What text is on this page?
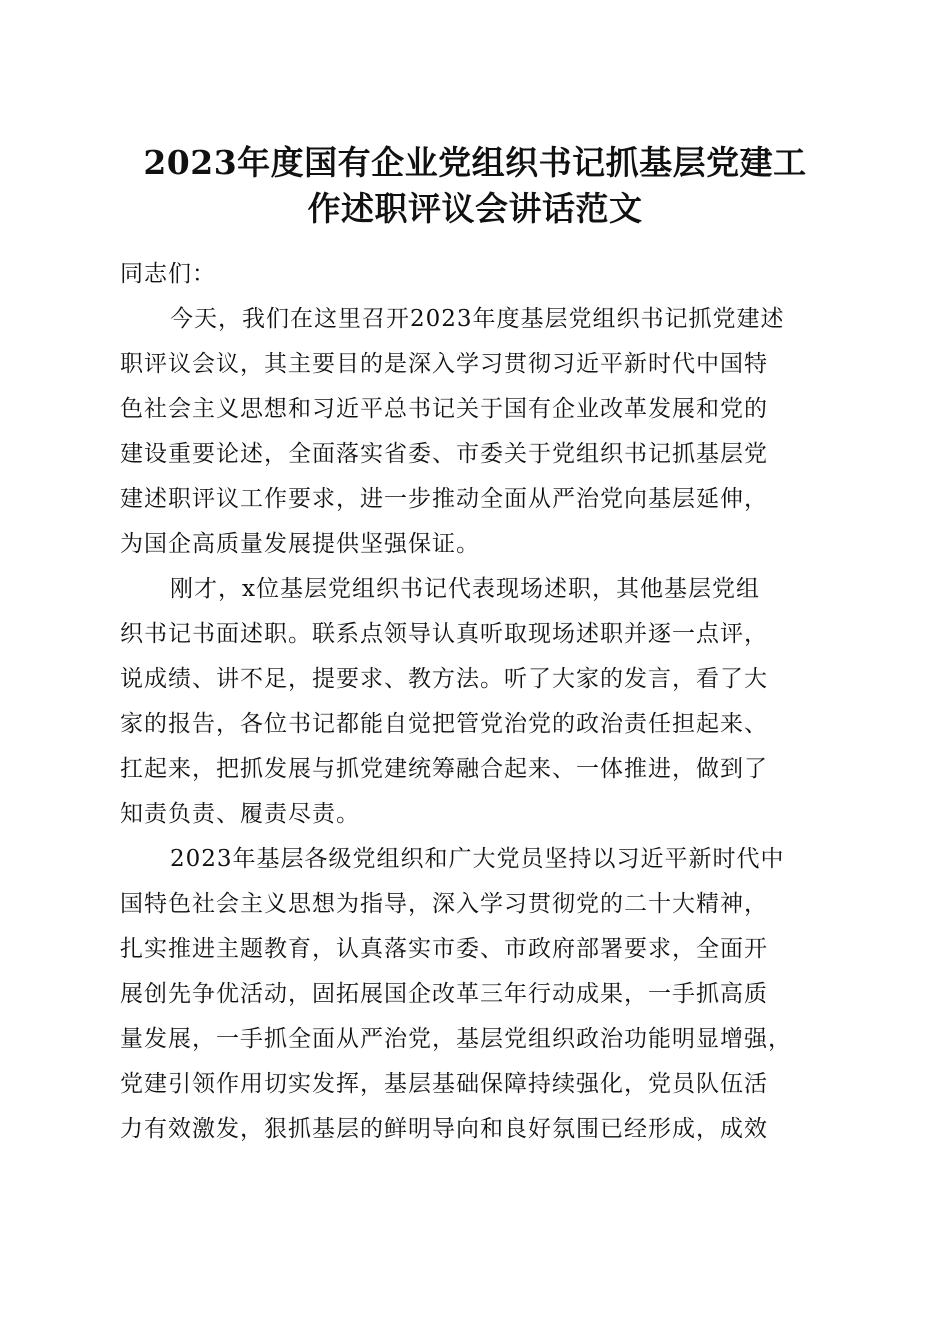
2023年度国有企业党组织书记抓基层党建工
作述职评议会讲话范文
同志们：
今天，我们在这里召开2023年度基层党组织书记抓党建述
职评议会议，其主要目的是深入学习贯彻习近平新时代中国特
色社会主义思想和习近平总书记关于国有企业改革发展和党的
建设重要论述，全面落实省委、市委关于党组织书记抓基层党
建述职评议工作要求，进一步推动全面从严治党向基层延伸，
为国企高质量发展提供坚强保证。
刚才，x位基层党组织书记代表现场述职，其他基层党组
织书记书面述职。联系点领导认真听取现场述职并逐一点评，
说成绩、讲不足，提要求、教方法。听了大家的发言，看了大
家的报告，各位书记都能自觉把管党治党的政治责任担起来、
扛起来，把抓发展与抓党建统筹融合起来、一体推进，做到了
知责负责、履责尽责。
2023年基层各级党组织和广大党员坚持以习近平新时代中
国特色社会主义思想为指导，深入学习贯彻党的二十大精神，
扎实推进主题教育，认真落实市委、市政府部署要求，全面开
展创先争优活动，固拓展国企改革三年行动成果，一手抓高质
量发展，一手抓全面从严治党，基层党组织政治功能明显增强，
党建引领作用切实发挥，基层基础保障持续强化，党员队伍活
力有效激发，狠抓基层的鲜明导向和良好氛围已经形成，成效
